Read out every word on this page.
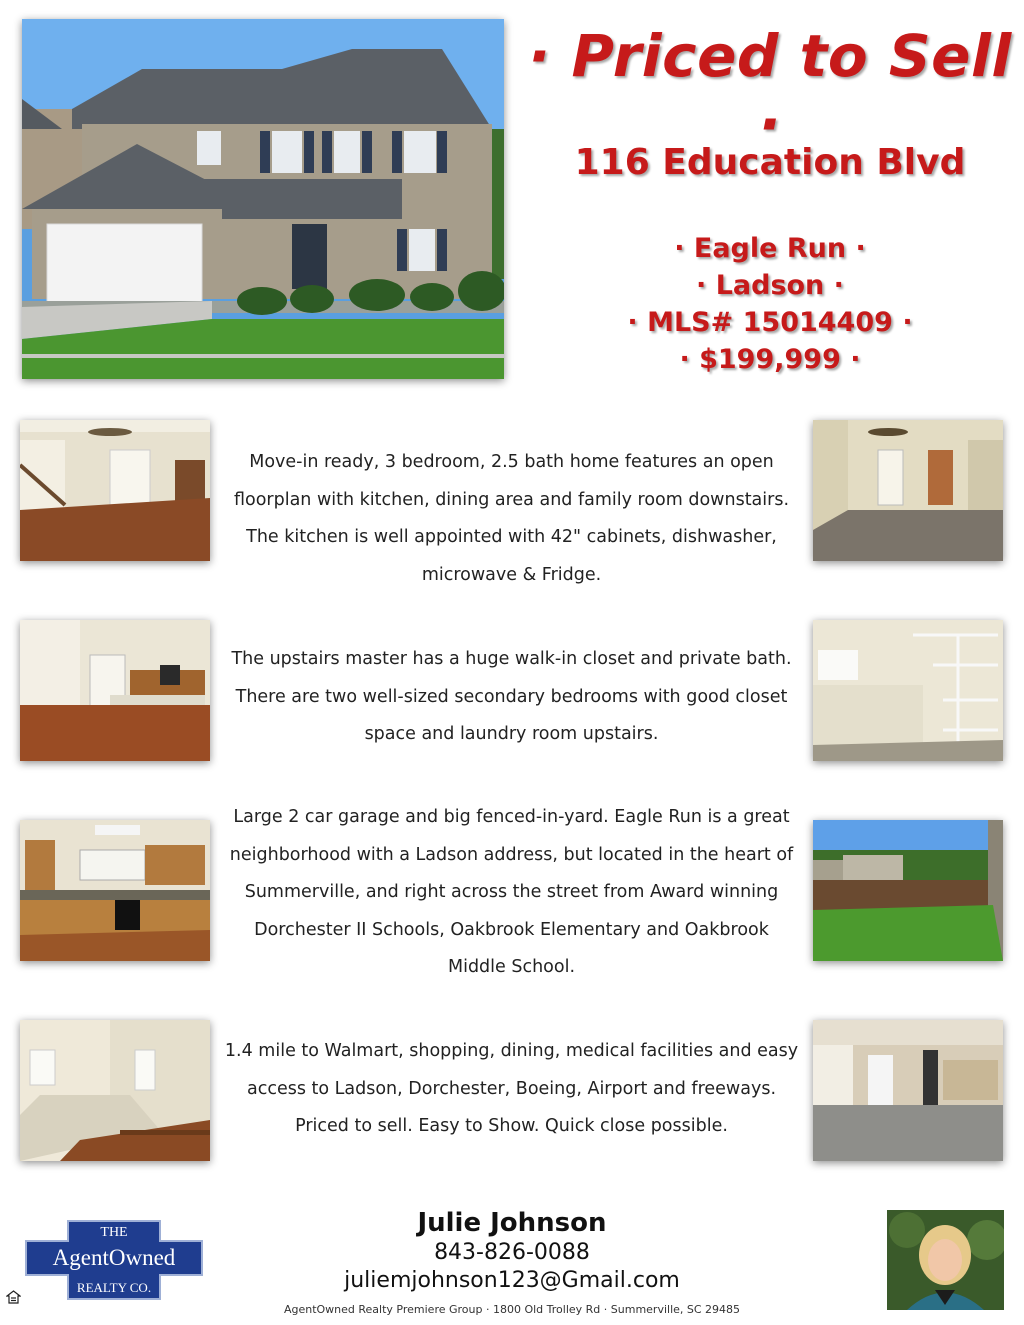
· Priced to Sell ·
116 Education Blvd
· Eagle Run ·
· Ladson ·
· MLS# 15014409 ·
· $199,999 ·
Move-in ready, 3 bedroom, 2.5 bath home features an open floorplan with kitchen, dining area and family room downstairs. The kitchen is well appointed with 42" cabinets, dishwasher, microwave & Fridge.
The upstairs master has a huge walk-in closet and private bath. There are two well-sized secondary bedrooms with good closet space and laundry room upstairs.
Large 2 car garage and big fenced-in-yard. Eagle Run is a great neighborhood with a Ladson address, but located in the heart of Summerville, and right across the street from Award winning Dorchester II Schools, Oakbrook Elementary and Oakbrook Middle School.
1.4 mile to Walmart, shopping, dining, medical facilities and easy access to Ladson, Dorchester, Boeing, Airport and freeways. Priced to sell. Easy to Show. Quick close possible.
THE
AgentOwned
REALTY CO.
Julie Johnson
843-826-0088
juliemjohnson123@Gmail.com
AgentOwned Realty Premiere Group · 1800 Old Trolley Rd · Summerville, SC 29485
